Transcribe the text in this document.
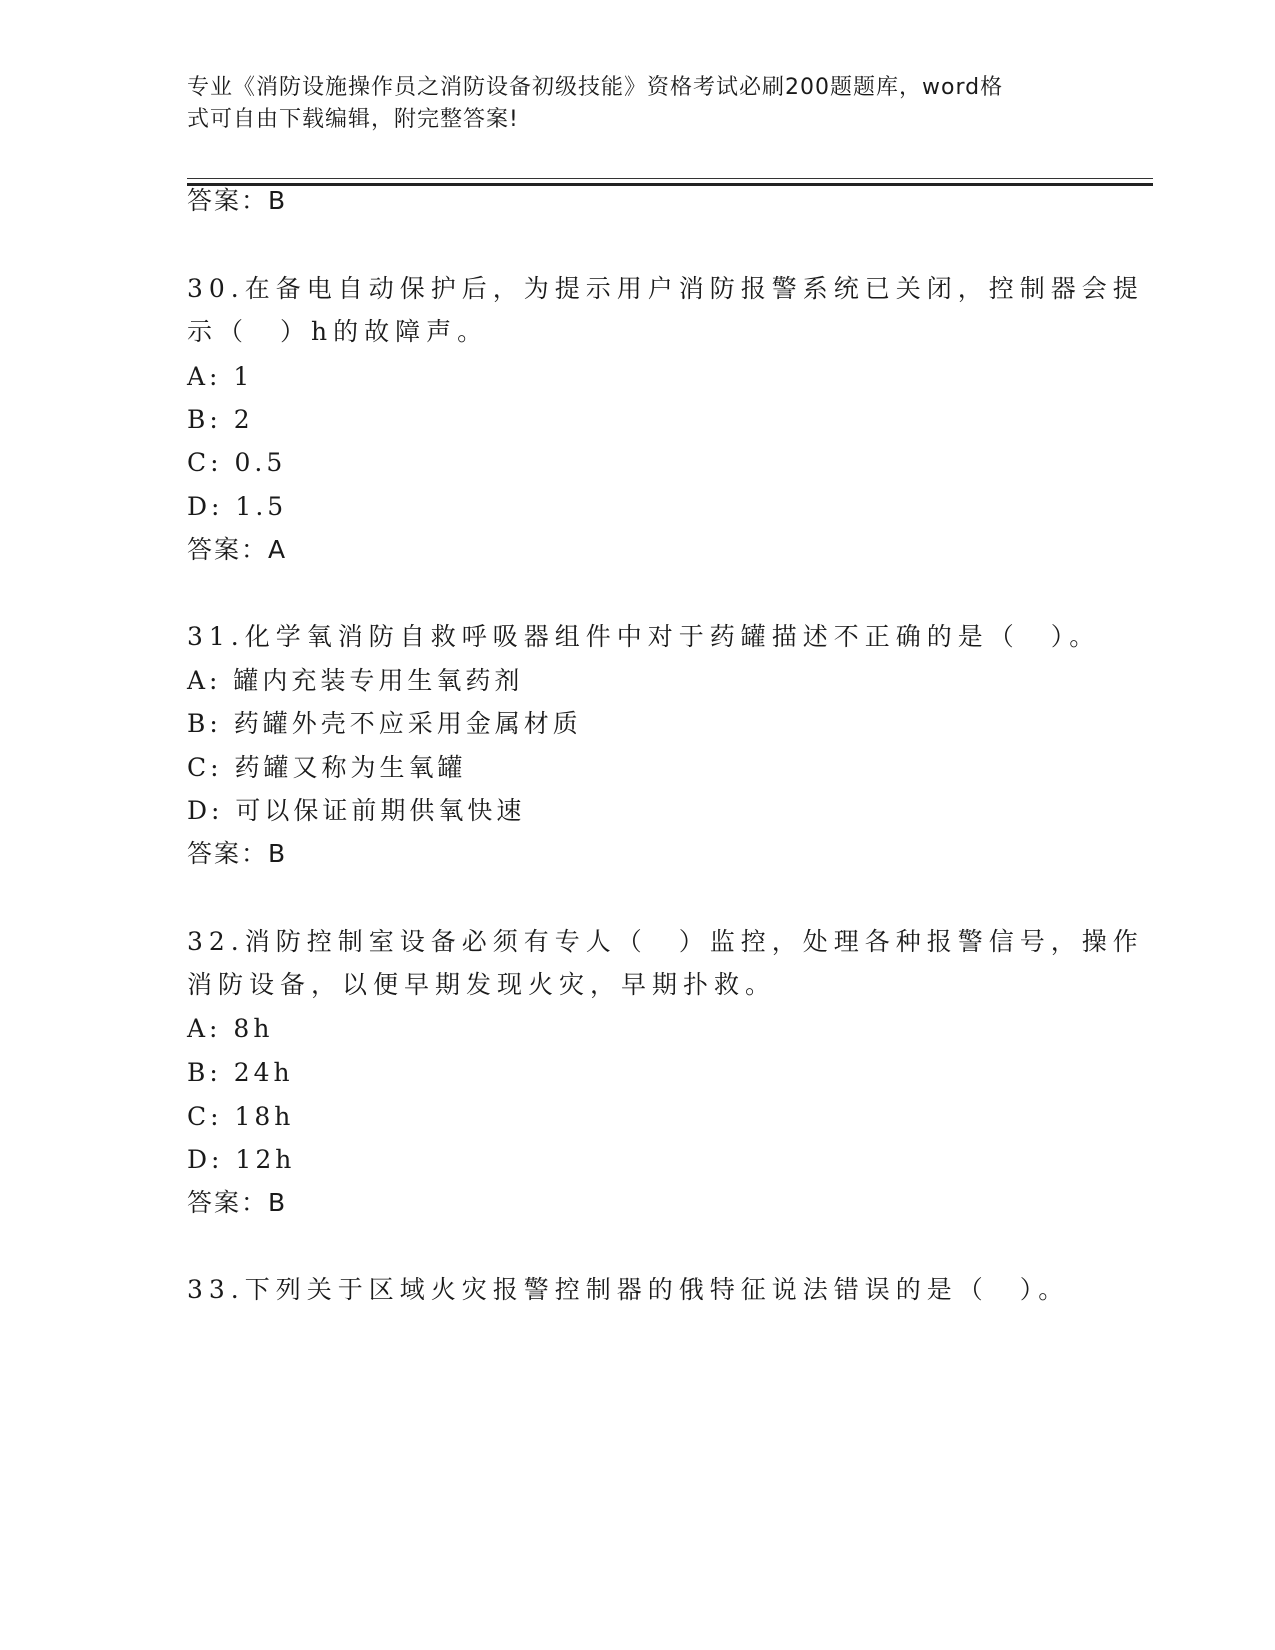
专业《消防设施操作员之消防设备初级技能》资格考试必刷200题题库，word格
式可自由下载编辑，附完整答案!
答案：B
30.在备电自动保护后，为提示用户消防报警系统已关闭，控制器会提
示（　）h的故障声。
A: 1
B: 2
C: 0.5
D: 1.5
答案：A
31.化学氧消防自救呼吸器组件中对于药罐描述不正确的是（　）。
A: 罐内充装专用生氧药剂
B: 药罐外壳不应采用金属材质
C: 药罐又称为生氧罐
D: 可以保证前期供氧快速
答案：B
32.消防控制室设备必须有专人（　）监控，处理各种报警信号，操作
消防设备，以便早期发现火灾，早期扑救。
A: 8h
B: 24h
C: 18h
D: 12h
答案：B
33.下列关于区域火灾报警控制器的俄特征说法错误的是（　）。
